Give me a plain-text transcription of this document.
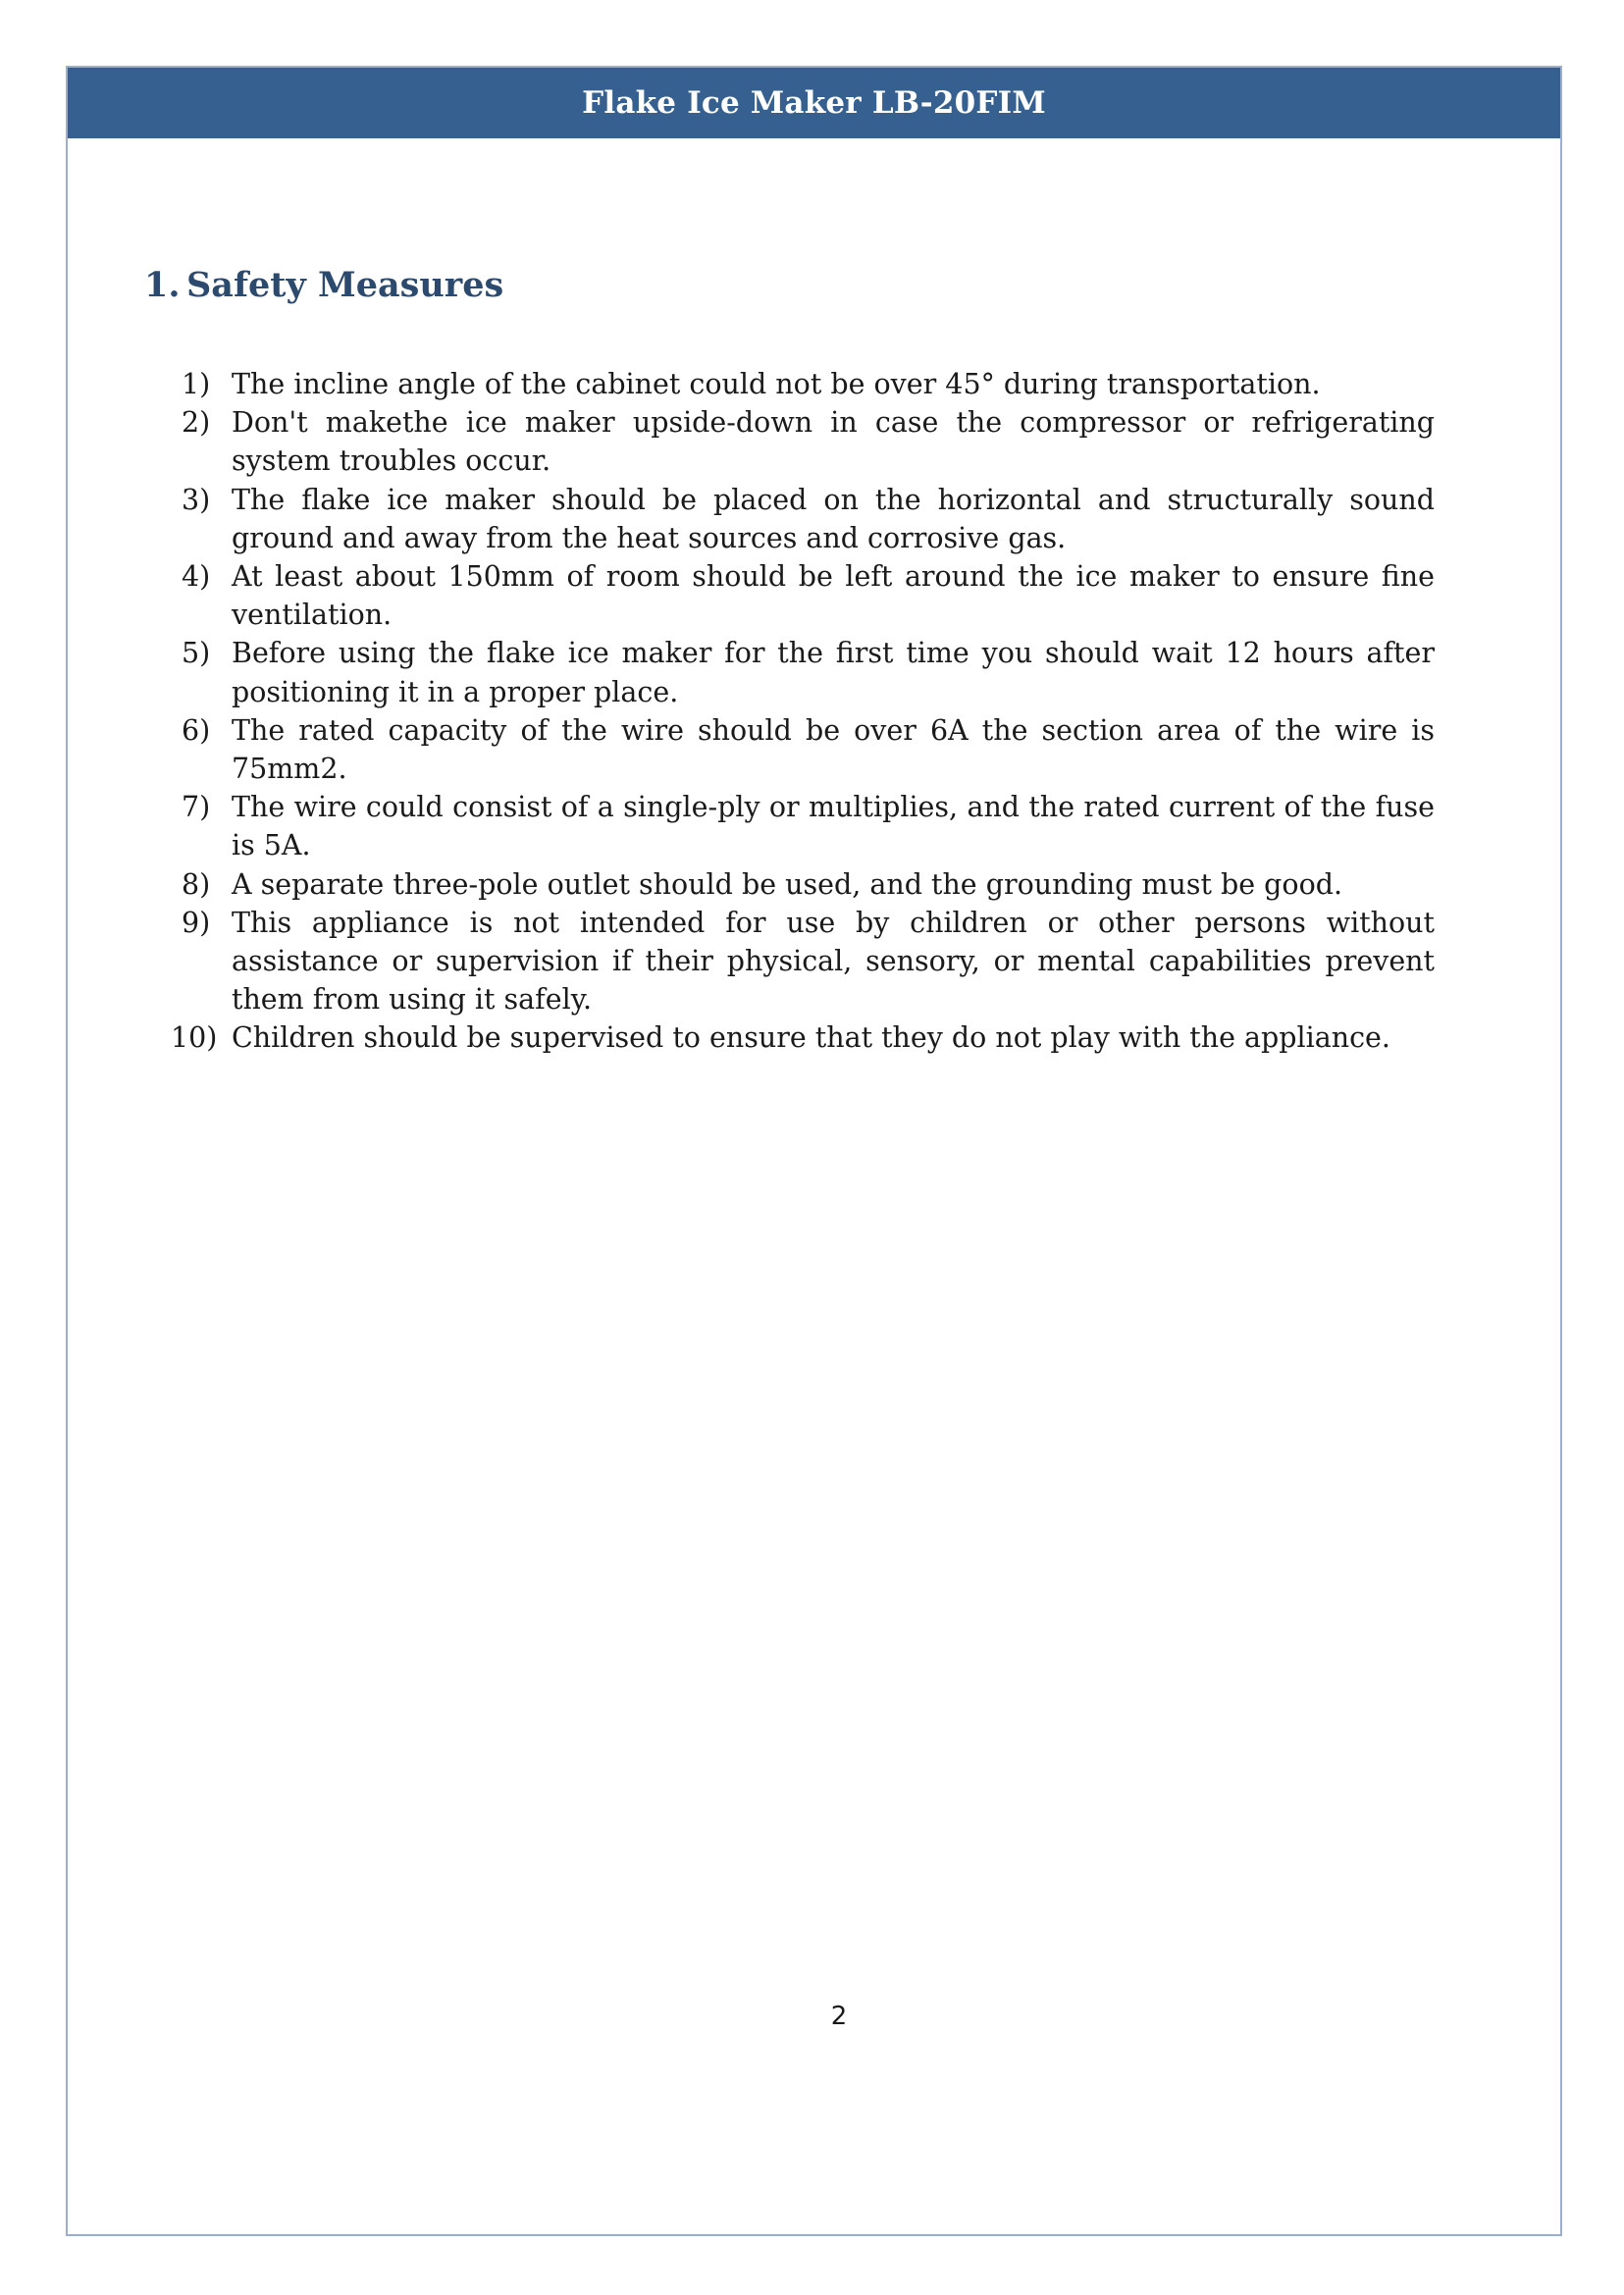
Flake Ice Maker LB-20FIM
1. Safety Measures
1) The incline angle of the cabinet could not be over 45° during transportation.
2) Don't makethe ice maker upside-down in case the compressor or refrigerating system troubles occur.
3) The flake ice maker should be placed on the horizontal and structurally sound ground and away from the heat sources and corrosive gas.
4) At least about 150mm of room should be left around the ice maker to ensure fine ventilation.
5) Before using the flake ice maker for the first time you should wait 12 hours after positioning it in a proper place.
6) The rated capacity of the wire should be over 6A the section area of the wire is 75mm2.
7) The wire could consist of a single-ply or multiplies, and the rated current of the fuse is 5A.
8) A separate three-pole outlet should be used, and the grounding must be good.
9) This appliance is not intended for use by children or other persons without assistance or supervision if their physical, sensory, or mental capabilities prevent them from using it safely.
10) Children should be supervised to ensure that they do not play with the appliance.
2
